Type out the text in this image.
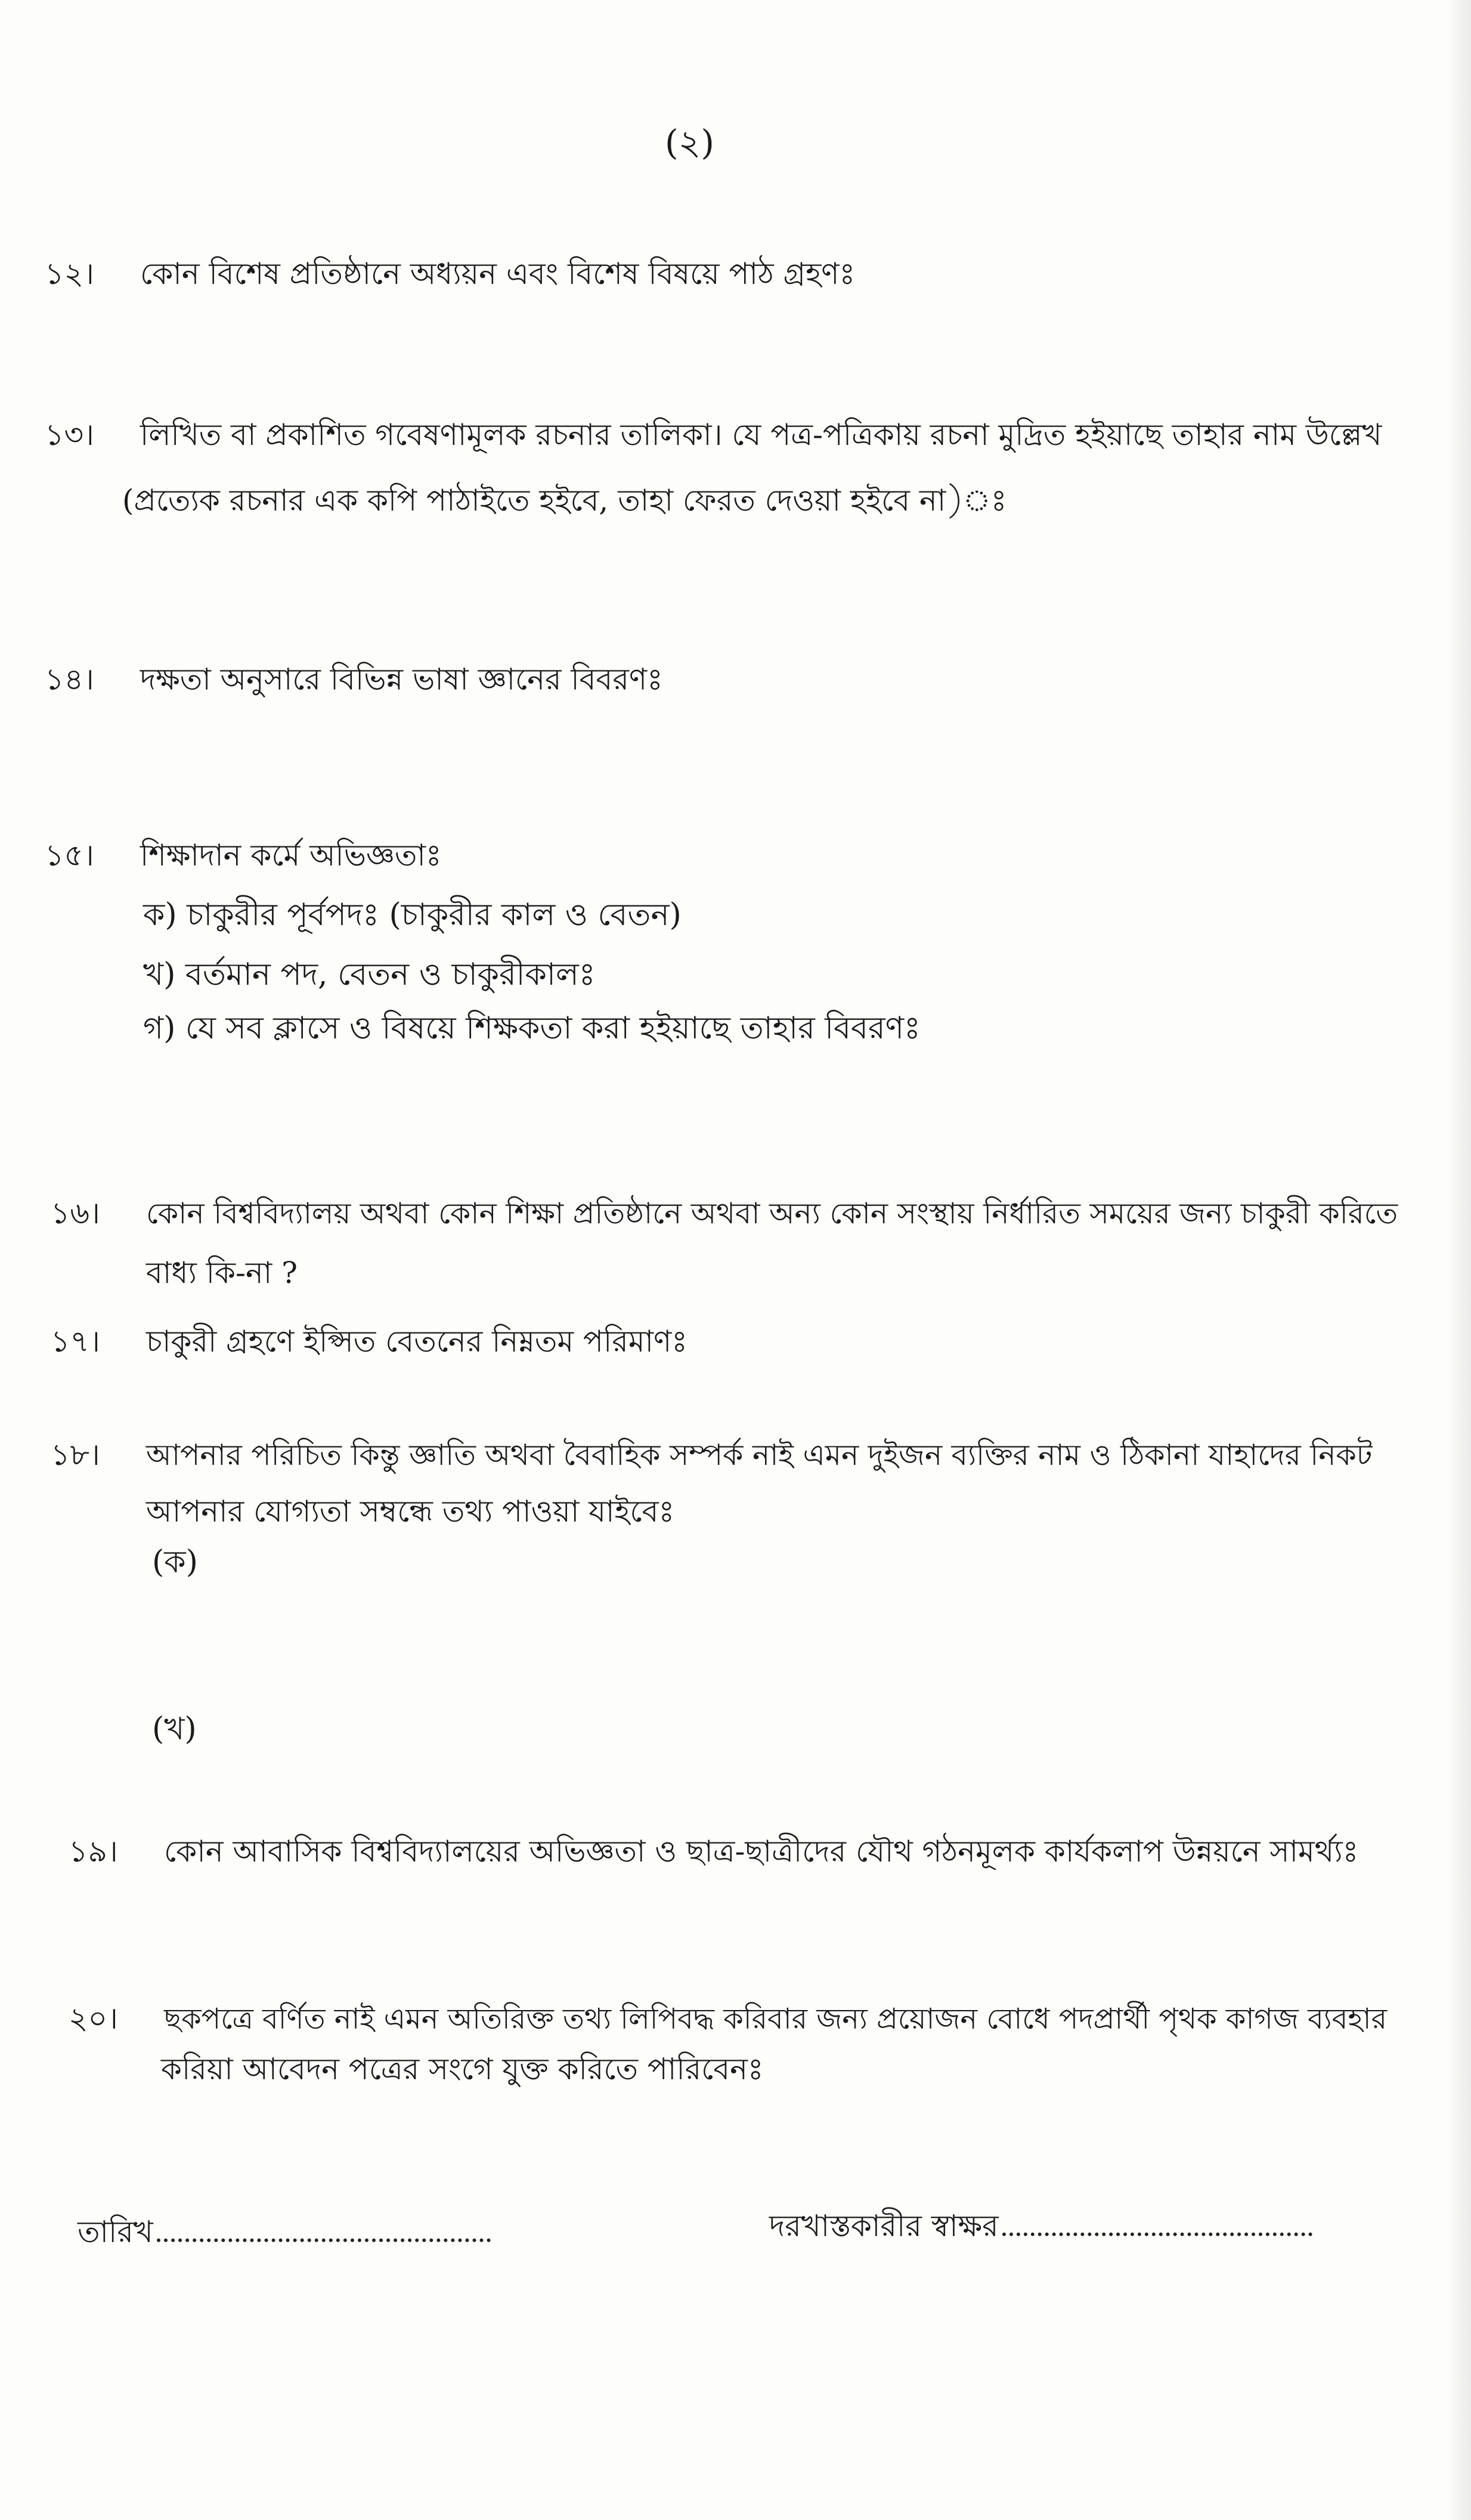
(২)
১২। কোন বিশেষ প্রতিষ্ঠানে অধ্যয়ন এবং বিশেষ বিষয়ে পাঠ গ্রহণঃ
১৩। লিখিত বা প্রকাশিত গবেষণামূলক রচনার তালিকা। যে পত্র-পত্রিকায় রচনা মুদ্রিত হইয়াছে তাহার নাম উল্লেখ
(প্রত্যেক রচনার এক কপি পাঠাইতে হইবে, তাহা ফেরত দেওয়া হইবে না)ঃ
১৪। দক্ষতা অনুসারে বিভিন্ন ভাষা জ্ঞানের বিবরণঃ
১৫। শিক্ষাদান কর্মে অভিজ্ঞতাঃ
ক) চাকুরীর পূর্বপদঃ (চাকুরীর কাল ও বেতন)
খ) বর্তমান পদ, বেতন ও চাকুরীকালঃ
গ) যে সব ক্লাসে ও বিষয়ে শিক্ষকতা করা হইয়াছে তাহার বিবরণঃ
১৬। কোন বিশ্ববিদ্যালয় অথবা কোন শিক্ষা প্রতিষ্ঠানে অথবা অন্য কোন সংস্থায় নির্ধারিত সময়ের জন্য চাকুরী করিতে
বাধ্য কি-না ?
১৭। চাকুরী গ্রহণে ইপ্সিত বেতনের নিম্নতম পরিমাণঃ
১৮। আপনার পরিচিত কিন্তু জ্ঞাতি অথবা বৈবাহিক সম্পর্ক নাই এমন দুইজন ব্যক্তির নাম ও ঠিকানা যাহাদের নিকট
আপনার যোগ্যতা সম্বন্ধে তথ্য পাওয়া যাইবেঃ
(ক)
(খ)
১৯। কোন আবাসিক বিশ্ববিদ্যালয়ের অভিজ্ঞতা ও ছাত্র-ছাত্রীদের যৌথ গঠনমূলক কার্যকলাপ উন্নয়নে সামর্থ্যঃ
২০। ছকপত্রে বর্ণিত নাই এমন অতিরিক্ত তথ্য লিপিবদ্ধ করিবার জন্য প্রয়োজন বোধে পদপ্রার্থী পৃথক কাগজ ব্যবহার
করিয়া আবেদন পত্রের সংগে যুক্ত করিতে পারিবেনঃ
তারিখ	দরখাস্তকারীর স্বাক্ষর
